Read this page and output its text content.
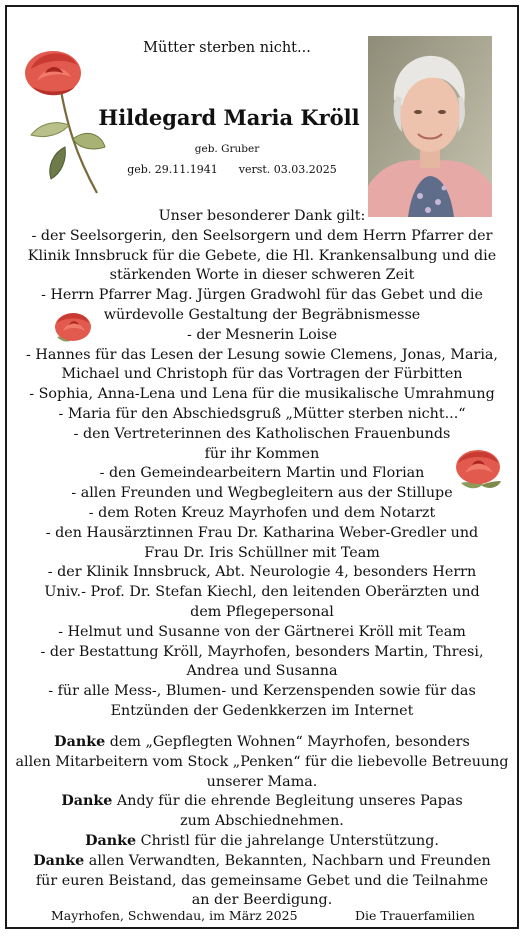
Mütter sterben nicht...
Hildegard Maria Kröll
geb. Gruber
geb. 29.11.1941      verst. 03.03.2025
Unser besonderer Dank gilt:
- der Seelsorgerin, den Seelsorgern und dem Herrn Pfarrer der
Klinik Innsbruck für die Gebete, die Hl. Krankensalbung und die
stärkenden Worte in dieser schweren Zeit
- Herrn Pfarrer Mag. Jürgen Gradwohl für das Gebet und die
würdevolle Gestaltung der Begräbnismesse
- der Mesnerin Loise
- Hannes für das Lesen der Lesung sowie Clemens, Jonas, Maria,
Michael und Christoph für das Vortragen der Fürbitten
- Sophia, Anna-Lena und Lena für die musikalische Umrahmung
- Maria für den Abschiedsgruß „Mütter sterben nicht...“
- den Vertreterinnen des Katholischen Frauenbunds
für ihr Kommen
- den Gemeindearbeitern Martin und Florian
- allen Freunden und Wegbegleitern aus der Stillupe
- dem Roten Kreuz Mayrhofen und dem Notarzt
- den Hausärztinnen Frau Dr. Katharina Weber-Gredler und
Frau Dr. Iris Schüllner mit Team
- der Klinik Innsbruck, Abt. Neurologie 4, besonders Herrn
Univ.- Prof. Dr. Stefan Kiechl, den leitenden Oberärzten und
dem Pflegepersonal
- Helmut und Susanne von der Gärtnerei Kröll mit Team
- der Bestattung Kröll, Mayrhofen, besonders Martin, Thresi,
Andrea und Susanna
- für alle Mess-, Blumen- und Kerzenspenden sowie für das
Entzünden der Gedenkkerzen im Internet
Danke dem „Gepflegten Wohnen“ Mayrhofen, besonders
allen Mitarbeitern vom Stock „Penken“ für die liebevolle Betreuung
unserer Mama.
Danke Andy für die ehrende Begleitung unseres Papas
zum Abschiednehmen.
Danke Christl für die jahrelange Unterstützung.
Danke allen Verwandten, Bekannten, Nachbarn und Freunden
für euren Beistand, das gemeinsame Gebet und die Teilnahme
an der Beerdigung.
Mayrhofen, Schwendau, im März 2025	Die Trauerfamilien
